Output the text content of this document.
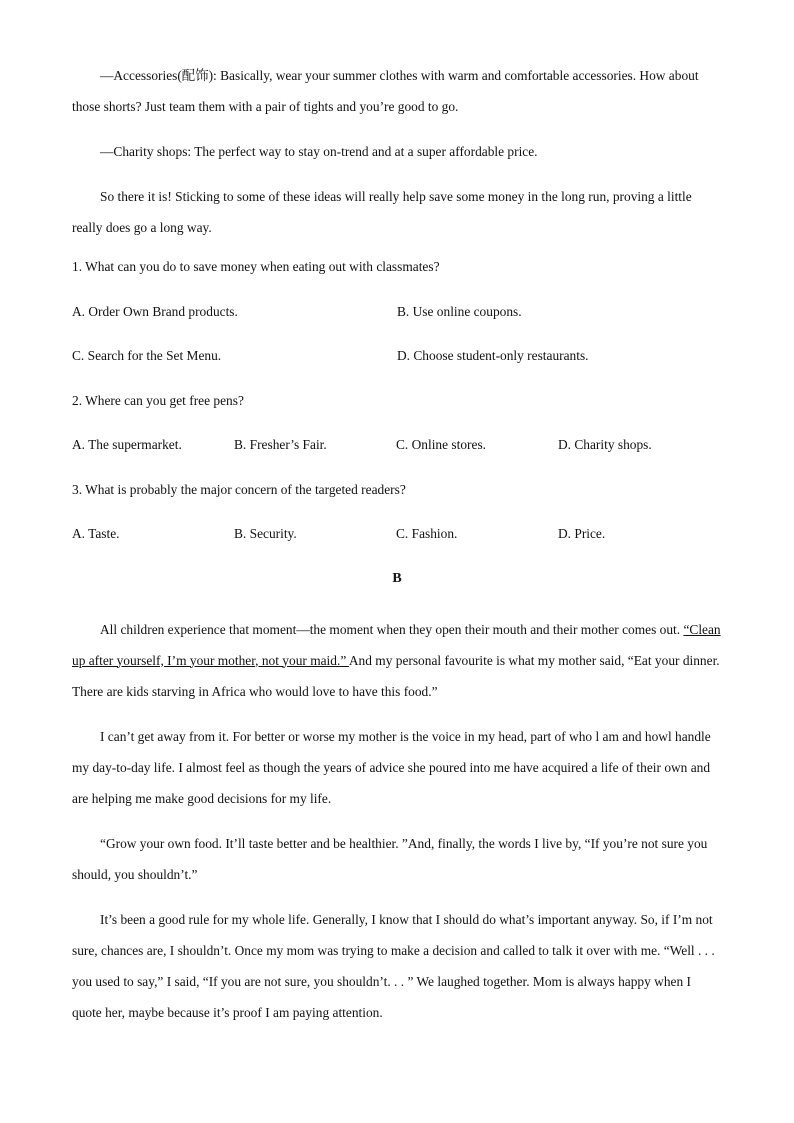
—Accessories(配饰): Basically, wear your summer clothes with warm and comfortable accessories. How about those shorts? Just team them with a pair of tights and you’re good to go.

—Charity shops: The perfect way to stay on-trend and at a super affordable price.

So there it is! Sticking to some of these ideas will really help save some money in the long run, proving a little really does go a long way.

1. What can you do to save money when eating out with classmates?

A. Order Own Brand products.	B. Use online coupons.
C. Search for the Set Menu.	D. Choose student-only restaurants.

2. Where can you get free pens?

A. The supermarket.	B. Fresher’s Fair.	C. Online stores.	D. Charity shops.

3. What is probably the major concern of the targeted readers?

A. Taste.	B. Security.	C. Fashion.	D. Price.

B

All children experience that moment—the moment when they open their mouth and their mother comes out. “Clean up after yourself, I’m your mother, not your maid.” And my personal favourite is what my mother said, “Eat your dinner. There are kids starving in Africa who would love to have this food.”

I can’t get away from it. For better or worse my mother is the voice in my head, part of who l am and howl handle my day-to-day life. I almost feel as though the years of advice she poured into me have acquired a life of their own and are helping me make good decisions for my life.

“Grow your own food. It’ll taste better and be healthier. ”And, finally, the words I live by, “If you’re not sure you should, you shouldn’t.”

It’s been a good rule for my whole life. Generally, I know that I should do what’s important anyway. So, if I’m not sure, chances are, I shouldn’t. Once my mom was trying to make a decision and called to talk it over with me. “Well . . . you used to say,” I said, “If you are not sure, you shouldn’t. . . ” We laughed together. Mom is always happy when I quote her, maybe because it’s proof I am paying attention.
